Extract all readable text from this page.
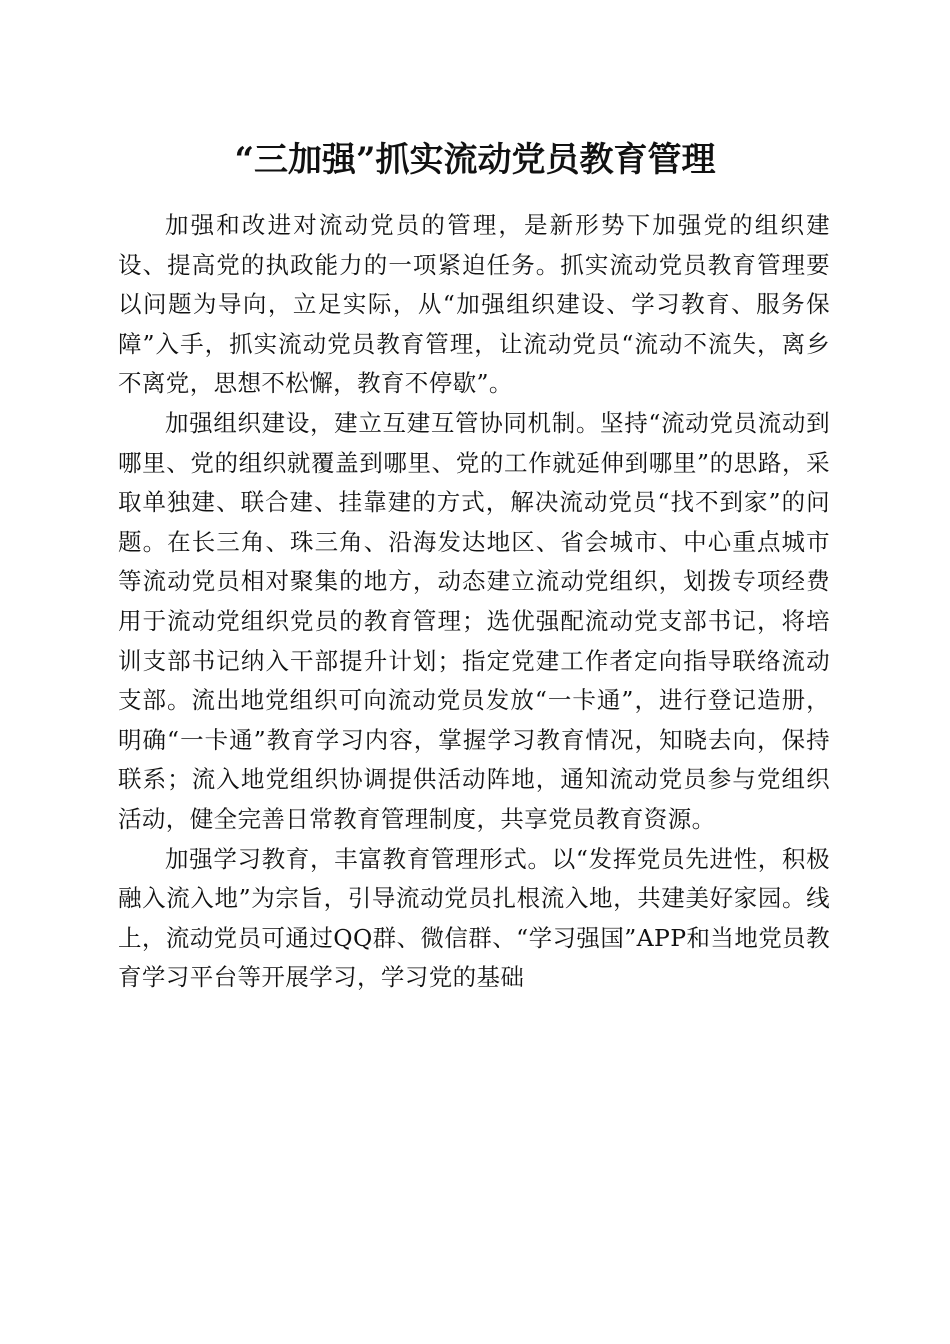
“三加强”抓实流动党员教育管理

加强和改进对流动党员的管理，是新形势下加强党的组织建设、提高党的执政能力的一项紧迫任务。抓实流动党员教育管理要以问题为导向，立足实际，从“加强组织建设、学习教育、服务保障”入手，抓实流动党员教育管理，让流动党员“流动不流失，离乡不离党，思想不松懈，教育不停歇”。

加强组织建设，建立互建互管协同机制。坚持“流动党员流动到哪里、党的组织就覆盖到哪里、党的工作就延伸到哪里”的思路，采取单独建、联合建、挂靠建的方式，解决流动党员“找不到家”的问题。在长三角、珠三角、沿海发达地区、省会城市、中心重点城市等流动党员相对聚集的地方，动态建立流动党组织，划拨专项经费用于流动党组织党员的教育管理；选优强配流动党支部书记，将培训支部书记纳入干部提升计划；指定党建工作者定向指导联络流动支部。流出地党组织可向流动党员发放“一卡通”，进行登记造册，明确“一卡通”教育学习内容，掌握学习教育情况，知晓去向，保持联系；流入地党组织协调提供活动阵地，通知流动党员参与党组织活动，健全完善日常教育管理制度，共享党员教育资源。

加强学习教育，丰富教育管理形式。以“发挥党员先进性，积极融入流入地”为宗旨，引导流动党员扎根流入地，共建美好家园。线上，流动党员可通过QQ群、微信群、“学习强国”APP和当地党员教育学习平台等开展学习，学习党的基础
